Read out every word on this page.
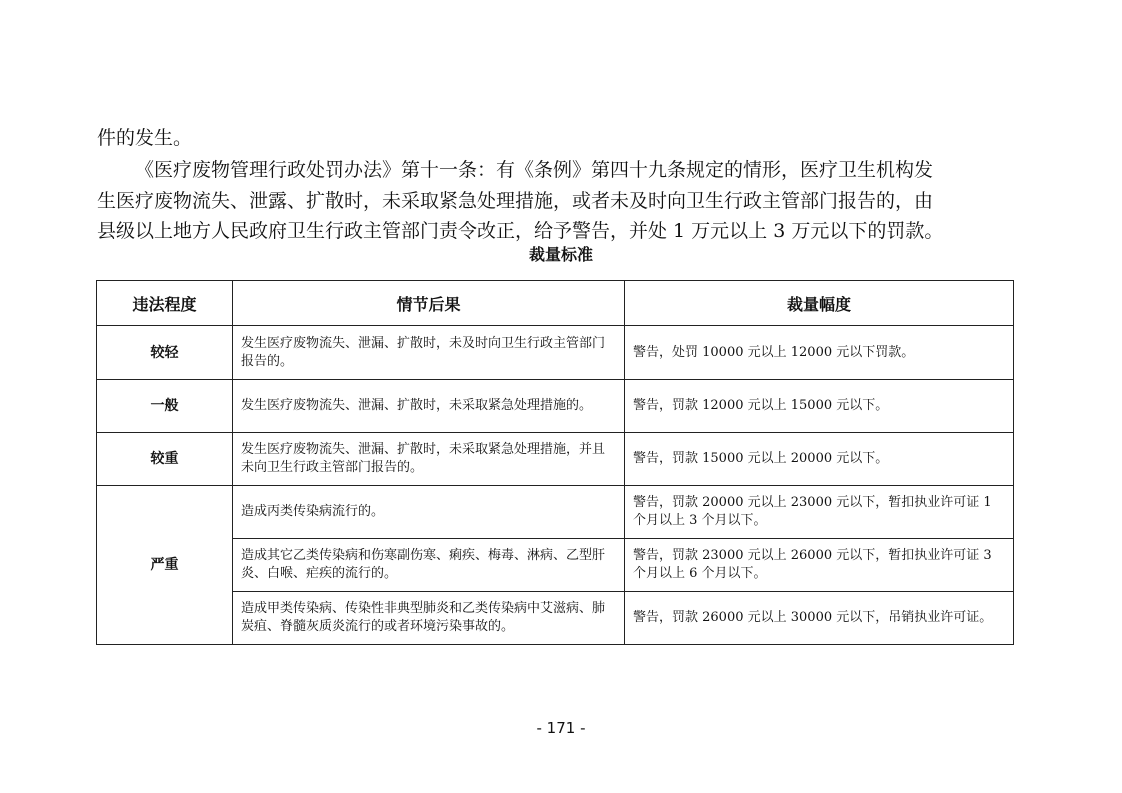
件的发生。
《医疗废物管理行政处罚办法》第十一条：有《条例》第四十九条规定的情形，医疗卫生机构发
生医疗废物流失、泄露、扩散时，未采取紧急处理措施，或者未及时向卫生行政主管部门报告的，由
县级以上地方人民政府卫生行政主管部门责令改正，给予警告，并处 1 万元以上 3 万元以下的罚款。
裁量标准
违法程度	情节后果	裁量幅度
较轻	发生医疗废物流失、泄漏、扩散时，未及时向卫生行政主管部门报告的。	警告，处罚 10000 元以上 12000 元以下罚款。
一般	发生医疗废物流失、泄漏、扩散时，未采取紧急处理措施的。	警告，罚款 12000 元以上 15000 元以下。
较重	发生医疗废物流失、泄漏、扩散时，未采取紧急处理措施，并且未向卫生行政主管部门报告的。	警告，罚款 15000 元以上 20000 元以下。
严重	造成丙类传染病流行的。	警告，罚款 20000 元以上 23000 元以下，暂扣执业许可证 1 个月以上 3 个月以下。
	造成其它乙类传染病和伤寒副伤寒、痢疾、梅毒、淋病、乙型肝炎、白喉、疟疾的流行的。	警告，罚款 23000 元以上 26000 元以下，暂扣执业许可证 3 个月以上 6 个月以下。
	造成甲类传染病、传染性非典型肺炎和乙类传染病中艾滋病、肺炭疽、脊髓灰质炎流行的或者环境污染事故的。	警告，罚款 26000 元以上 30000 元以下，吊销执业许可证。
- 171 -
